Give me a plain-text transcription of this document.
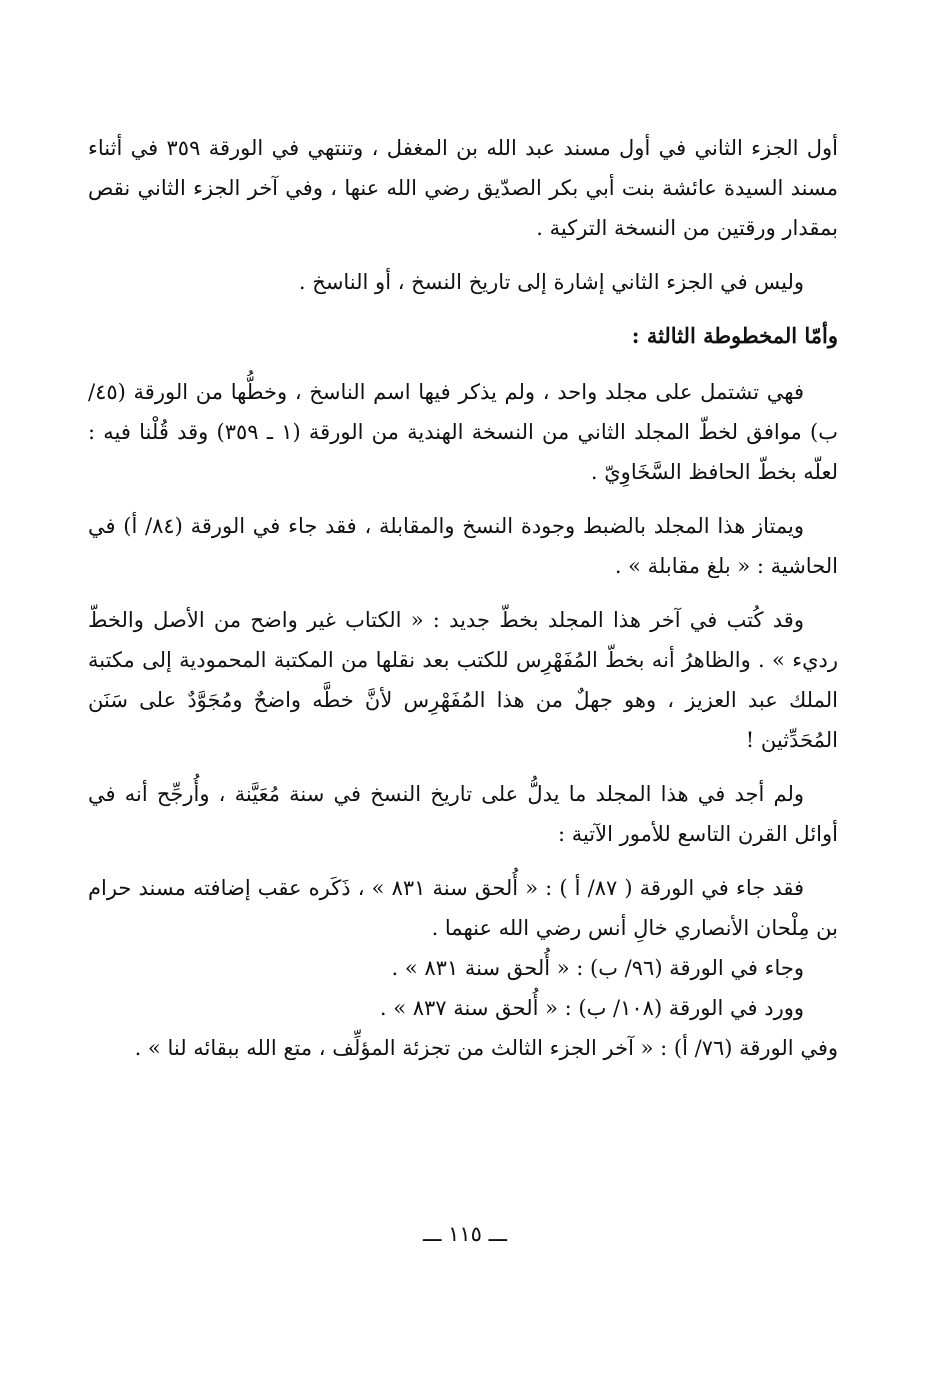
أول الجزء الثاني في أول مسند عبد الله بن المغفل ، وتنتهي في الورقة ٣٥٩ في أثناء مسند السيدة عائشة بنت أبي بكر الصدّيق رضي الله عنها ، وفي آخر الجزء الثاني نقص بمقدار ورقتين من النسخة التركية .

وليس في الجزء الثاني إشارة إلى تاريخ النسخ ، أو الناسخ .

وأمّا المخطوطة الثالثة :

فهي تشتمل على مجلد واحد ، ولم يذكر فيها اسم الناسخ ، وخطُّها من الورقة (٤٥/ ب) موافق لخطّ المجلد الثاني من النسخة الهندية من الورقة (١ ـ ٣٥٩) وقد قُلْنا فيه : لعلّه بخطّ الحافظ السَّخَاوِيّ .

ويمتاز هذا المجلد بالضبط وجودة النسخ والمقابلة ، فقد جاء في الورقة (٨٤/ أ) في الحاشية : « بلغ مقابلة » .

وقد كُتب في آخر هذا المجلد بخطّ جديد : « الكتاب غير واضح من الأصل والخطّ رديء » . والظاهرُ أنه بخطّ المُفَهْرِس للكتب بعد نقلها من المكتبة المحمودية إلى مكتبة الملك عبد العزيز ، وهو جهلٌ من هذا المُفَهْرِس لأنَّ خطَّه واضحٌ ومُجَوَّدٌ على سَنَن المُحَدِّثين !

ولم أجد في هذا المجلد ما يدلُّ على تاريخ النسخ في سنة مُعَيَّنة ، وأُرجِّح أنه في أوائل القرن التاسع للأمور الآتية :

فقد جاء في الورقة ( ٨٧/ أ ) : « أُلحق سنة ٨٣١ » ، ذَكَره عقب إضافته مسند حرام بن مِلْحان الأنصاري خالِ أنس رضي الله عنهما .

وجاء في الورقة (٩٦/ ب) : « أُلحق سنة ٨٣١ » .

وورد في الورقة (١٠٨/ ب) : « أُلحق سنة ٨٣٧ » .

وفي الورقة (٧٦/ أ) : « آخر الجزء الثالث من تجزئة المؤلِّف ، متع الله ببقائه لنا » .

ـــ ١١٥ ـــ
